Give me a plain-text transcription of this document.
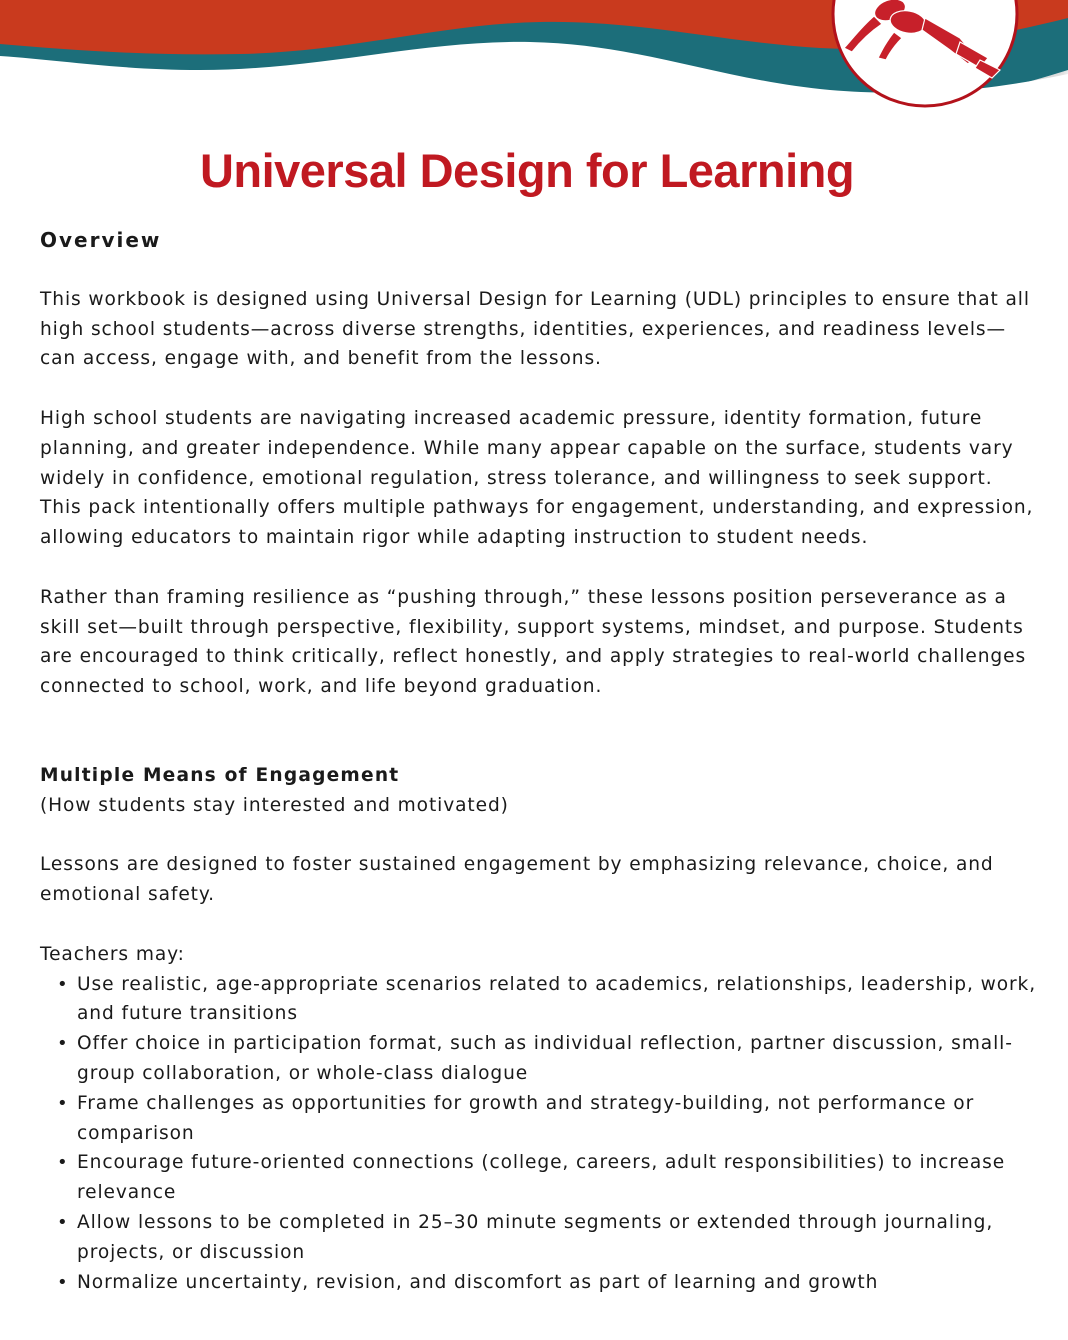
Universal Design for Learning

Overview

This workbook is designed using Universal Design for Learning (UDL) principles to ensure that all high school students—across diverse strengths, identities, experiences, and readiness levels—can access, engage with, and benefit from the lessons.

High school students are navigating increased academic pressure, identity formation, future planning, and greater independence. While many appear capable on the surface, students vary widely in confidence, emotional regulation, stress tolerance, and willingness to seek support. This pack intentionally offers multiple pathways for engagement, understanding, and expression, allowing educators to maintain rigor while adapting instruction to student needs.

Rather than framing resilience as “pushing through,” these lessons position perseverance as a skill set—built through perspective, flexibility, support systems, mindset, and purpose. Students are encouraged to think critically, reflect honestly, and apply strategies to real-world challenges connected to school, work, and life beyond graduation.

Multiple Means of Engagement

(How students stay interested and motivated)

Lessons are designed to foster sustained engagement by emphasizing relevance, choice, and emotional safety.

Teachers may:

• Use realistic, age-appropriate scenarios related to academics, relationships, leadership, work, and future transitions
• Offer choice in participation format, such as individual reflection, partner discussion, small-group collaboration, or whole-class dialogue
• Frame challenges as opportunities for growth and strategy-building, not performance or comparison
• Encourage future-oriented connections (college, careers, adult responsibilities) to increase relevance
• Allow lessons to be completed in 25–30 minute segments or extended through journaling, projects, or discussion
• Normalize uncertainty, revision, and discomfort as part of learning and growth
